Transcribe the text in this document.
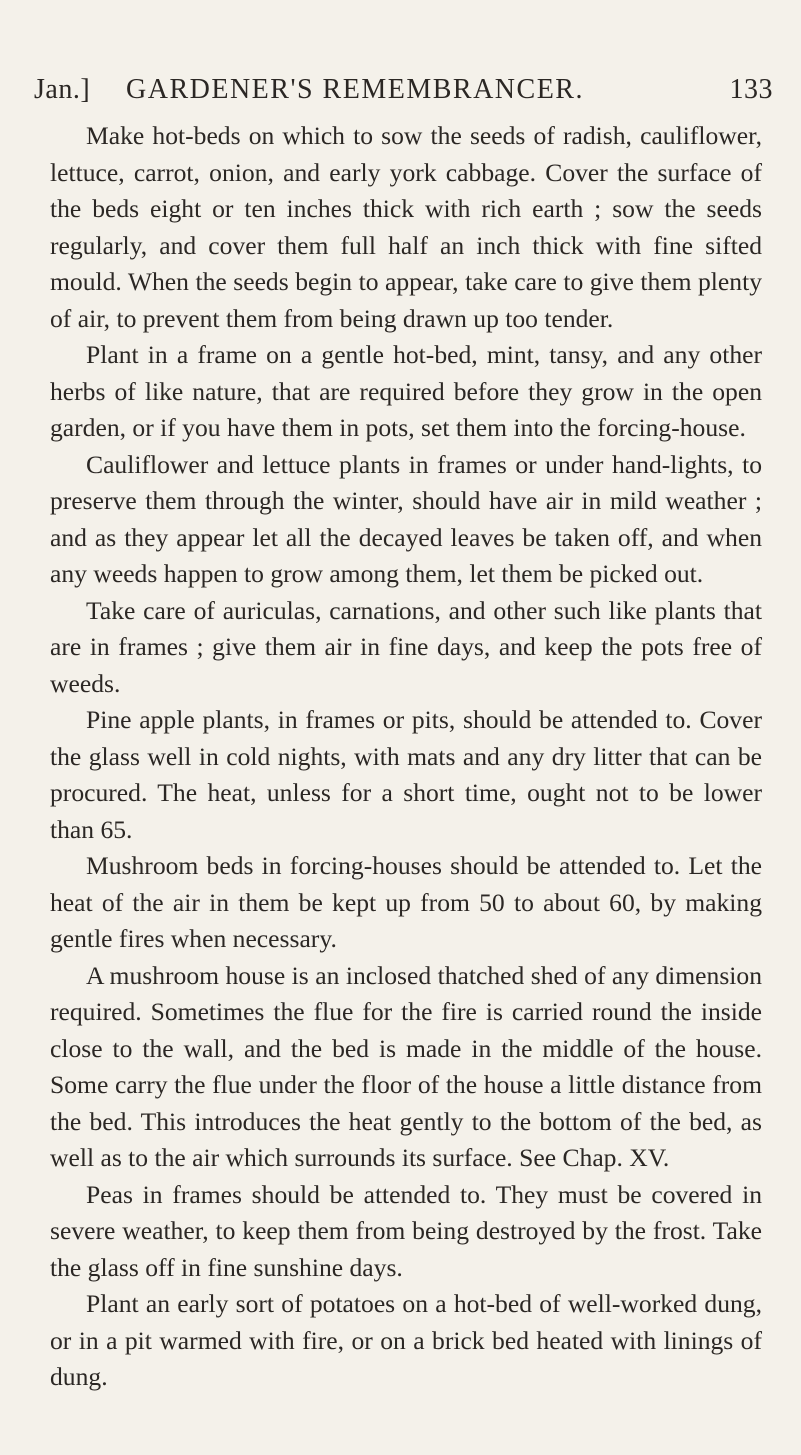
Jan.] GARDENER'S REMEMBRANCER.	133

Make hot-beds on which to sow the seeds of radish, cauliflower, lettuce, carrot, onion, and early york cabbage. Cover the surface of the beds eight or ten inches thick with rich earth ; sow the seeds regularly, and cover them full half an inch thick with fine sifted mould. When the seeds begin to appear, take care to give them plenty of air, to prevent them from being drawn up too tender.

Plant in a frame on a gentle hot-bed, mint, tansy, and any other herbs of like nature, that are required before they grow in the open garden, or if you have them in pots, set them into the forcing-house.

Cauliflower and lettuce plants in frames or under hand-lights, to preserve them through the winter, should have air in mild weather ; and as they appear let all the decayed leaves be taken off, and when any weeds happen to grow among them, let them be picked out.

Take care of auriculas, carnations, and other such like plants that are in frames ; give them air in fine days, and keep the pots free of weeds.

Pine apple plants, in frames or pits, should be attended to. Cover the glass well in cold nights, with mats and any dry litter that can be procured. The heat, unless for a short time, ought not to be lower than 65.

Mushroom beds in forcing-houses should be attended to. Let the heat of the air in them be kept up from 50 to about 60, by making gentle fires when necessary.

A mushroom house is an inclosed thatched shed of any dimension required. Sometimes the flue for the fire is carried round the inside close to the wall, and the bed is made in the middle of the house. Some carry the flue under the floor of the house a little distance from the bed. This introduces the heat gently to the bottom of the bed, as well as to the air which surrounds its surface. See Chap. XV.

Peas in frames should be attended to. They must be covered in severe weather, to keep them from being destroyed by the frost. Take the glass off in fine sunshine days.

Plant an early sort of potatoes on a hot-bed of well-worked dung, or in a pit warmed with fire, or on a brick bed heated with linings of dung.
